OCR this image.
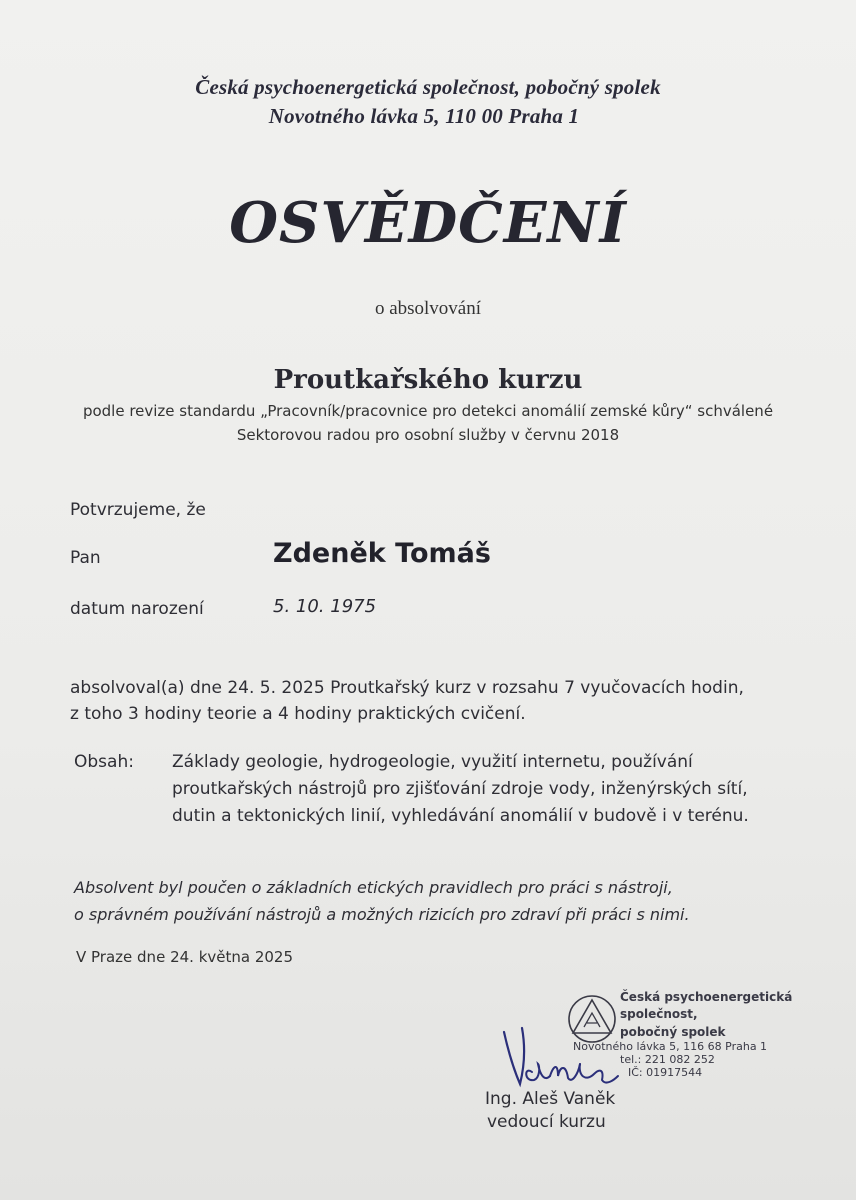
Česká psychoenergetická společnost, pobočný spolek
Novotného lávka 5, 110 00 Praha 1
OSVĚDČENÍ
o absolvování
Proutkařského kurzu
podle revize standardu „Pracovník/pracovnice pro detekci anomálií zemské kůry“ schválené
Sektorovou radou pro osobní služby v červnu 2018
Potvrzujeme, že
Pan	Zdeněk Tomáš
datum narození	5. 10. 1975
absolvoval(a) dne 24. 5. 2025 Proutkařský kurz v rozsahu 7 vyučovacích hodin,
z toho 3 hodiny teorie a 4 hodiny praktických cvičení.
Obsah: Základy geologie, hydrogeologie, využití internetu, používání
proutkařských nástrojů pro zjišťování zdroje vody, inženýrských sítí,
dutin a tektonických linií, vyhledávání anomálií v budově i v terénu.
Absolvent byl poučen o základních etických pravidlech pro práci s nástroji,
o správném používání nástrojů a možných rizicích pro zdraví při práci s nimi.
V Praze dne 24. května 2025
Česká psychoenergetická
společnost,
pobočný spolek
Novotného lávka 5, 116 68 Praha 1
tel.: 221 082 252
IČ: 01917544
Ing. Aleš Vaněk
vedoucí kurzu
